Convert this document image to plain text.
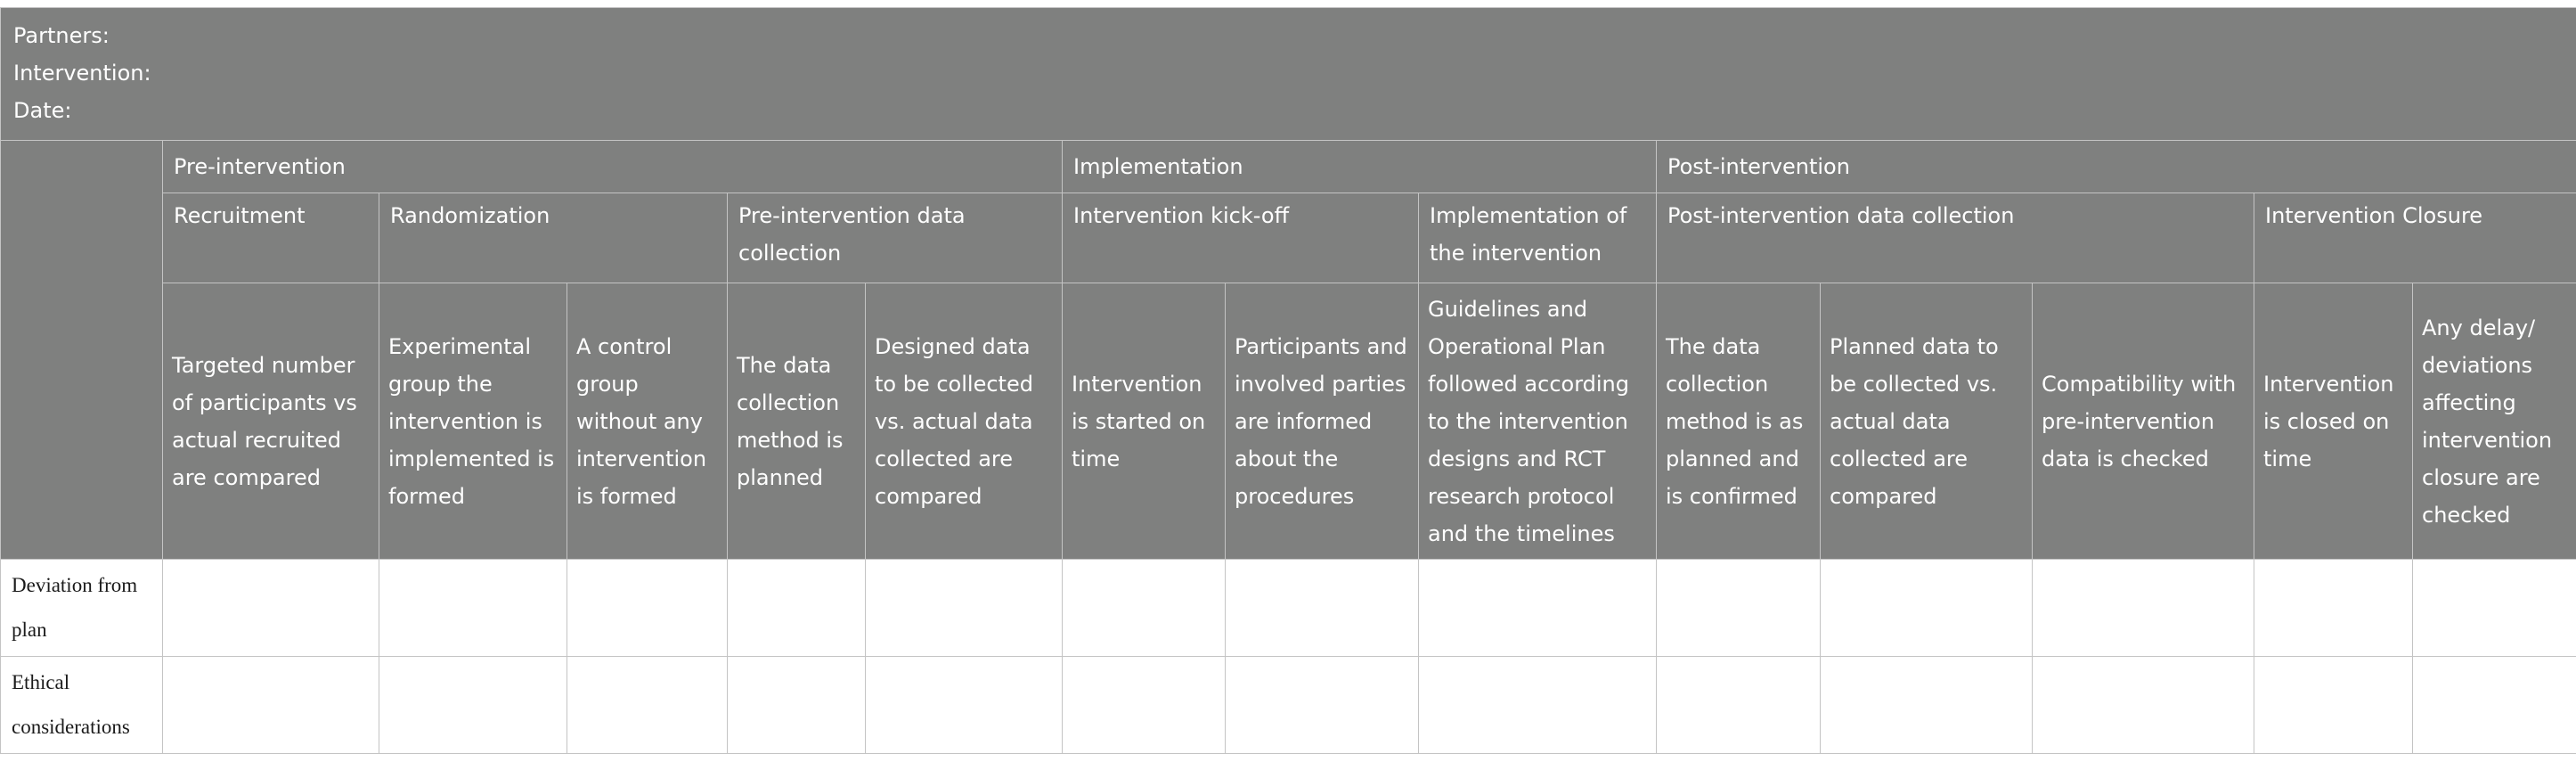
Partners:
Intervention:
Date:													

	Pre-intervention					Implementation			Post-intervention				
	Recruitment	Randomization		Pre-intervention data collection		Intervention kick-off		Implementation of the intervention	Post-intervention data collection			Intervention Closure	
	Targeted number of participants vs actual recruited are compared	Experimental group the intervention is implemented is formed	A control group without any intervention is formed	The data collection method is planned	Designed data to be collected vs. actual data collected are compared	Intervention is started on time	Participants and involved parties are informed about the procedures	Guidelines and Operational Plan followed according to the intervention designs and RCT research protocol and the timelines	The data collection method is as planned and is confirmed	Planned data to be collected vs. actual data collected are compared	Compatibility with pre-intervention data is checked	Intervention is closed on time	Any delay/ deviations affecting intervention closure are checked
Deviation from plan													
Ethical considerations													
